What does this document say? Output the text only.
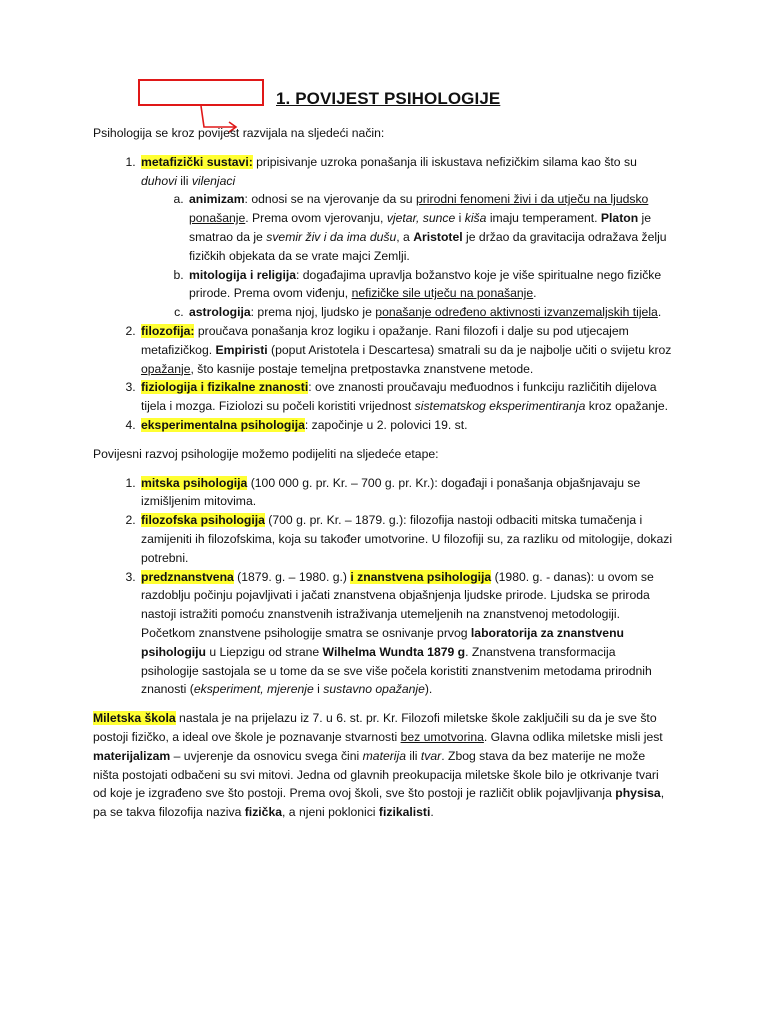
1. POVIJEST PSIHOLOGIJE

Psihologija se kroz povijest razvijala na sljedeći način:

1. metafizički sustavi: pripisivanje uzroka ponašanja ili iskustava nefizičkim silama kao što su duhovi ili vilenjaci
a. animizam: odnosi se na vjerovanje da su prirodni fenomeni živi i da utječu na ljudsko ponašanje. Prema ovom vjerovanju, vjetar, sunce i kiša imaju temperament. Platon je smatrao da je svemir živ i da ima dušu, a Aristotel je držao da gravitacija odražava želju fizičkih objekata da se vrate majci Zemlji.
b. mitologija i religija: događajima upravlja božanstvo koje je više spiritualne nego fizičke prirode. Prema ovom viđenju, nefizičke sile utječu na ponašanje.
c. astrologija: prema njoj, ljudsko je ponašanje određeno aktivnosti izvanzemaljskih tijela.
2. filozofija: proučava ponašanja kroz logiku i opažanje. Rani filozofi i dalje su pod utjecajem metafizičkog. Empiristi (poput Aristotela i Descartesa) smatrali su da je najbolje učiti o svijetu kroz opažanje, što kasnije postaje temeljna pretpostavka znanstvene metode.
3. fiziologija i fizikalne znanosti: ove znanosti proučavaju međuodnos i funkciju različitih dijelova tijela i mozga. Fiziolozi su počeli koristiti vrijednost sistematskog eksperimentiranja kroz opažanje.
4. eksperimentalna psihologija: započinje u 2. polovici 19. st.

Povijesni razvoj psihologije možemo podijeliti na sljedeće etape:

1. mitska psihologija (100 000 g. pr. Kr. – 700 g. pr. Kr.): događaji i ponašanja objašnjavaju se izmišljenim mitovima.
2. filozofska psihologija (700 g. pr. Kr. – 1879. g.): filozofija nastoji odbaciti mitska tumačenja i zamijeniti ih filozofskima, koja su također umotvorine. U filozofiji su, za razliku od mitologije, dokazi potrebni.
3. predznanstvena (1879. g. – 1980. g.) i znanstvena psihologija (1980. g. - danas): u ovom se razdoblju počinju pojavljivati i jačati znanstvena objašnjenja ljudske prirode. Ljudska se priroda nastoji istražiti pomoću znanstvenih istraživanja utemeljenih na znanstvenoj metodologiji. Početkom znanstvene psihologije smatra se osnivanje prvog laboratorija za znanstvenu psihologiju u Liepzigu od strane Wilhelma Wundta 1879 g. Znanstvena transformacija psihologije sastojala se u tome da se sve više počela koristiti znanstvenim metodama prirodnih znanosti (eksperiment, mjerenje i sustavno opažanje).

Miletska škola nastala je na prijelazu iz 7. u 6. st. pr. Kr. Filozofi miletske škole zaključili su da je sve što postoji fizičko, a ideal ove škole je poznavanje stvarnosti bez umotvorina. Glavna odlika miletske misli jest materijalizam – uvjerenje da osnovicu svega čini materija ili tvar. Zbog stava da bez materije ne može ništa postojati odbačeni su svi mitovi. Jedna od glavnih preokupacija miletske škole bilo je otkrivanje tvari od koje je izgrađeno sve što postoji. Prema ovoj školi, sve što postoji je različit oblik pojavljivanja physisa, pa se takva filozofija naziva fizička, a njeni poklonici fizikalisti.
